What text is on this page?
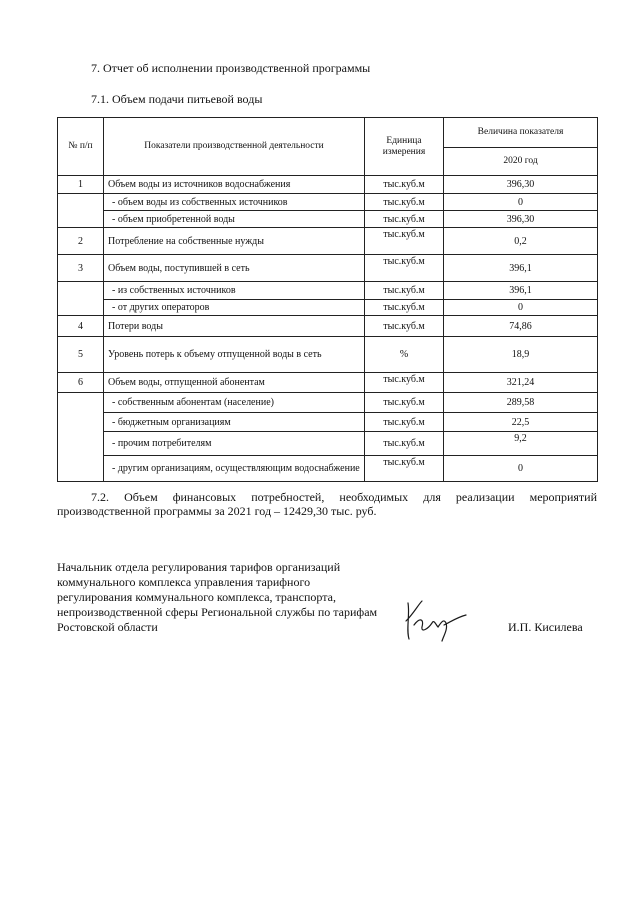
7. Отчет об исполнении производственной программы
7.1. Объем подачи питьевой воды
№ п/п	Показатели производственной деятельности	Единица измерения	Величина показателя
			2020 год
1	Объем воды из источников водоснабжения	тыс.куб.м	396,30
	- объем воды из собственных источников	тыс.куб.м	0
	- объем приобретенной воды	тыс.куб.м	396,30
2	Потребление на собственные нужды	тыс.куб.м	0,2
3	Объем воды, поступившей в сеть	тыс.куб.м	396,1
	- из собственных источников	тыс.куб.м	396,1
	- от других операторов	тыс.куб.м	0
4	Потери воды	тыс.куб.м	74,86
5	Уровень потерь к объему отпущенной воды в сеть	%	18,9
6	Объем воды, отпущенной абонентам	тыс.куб.м	321,24
	- собственным абонентам (население)	тыс.куб.м	289,58
	- бюджетным организациям	тыс.куб.м	22,5
	- прочим потребителям	тыс.куб.м	9,2
	- другим организациям, осуществляющим водоснабжение	тыс.куб.м	0

7.2. Объем финансовых потребностей, необходимых для реализации мероприятий производственной программы за 2021 год – 12429,30 тыс. руб.

Начальник отдела регулирования тарифов организаций коммунального комплекса управления тарифного регулирования коммунального комплекса, транспорта, непроизводственной сферы Региональной службы по тарифам Ростовской области	И.П. Кисилева
